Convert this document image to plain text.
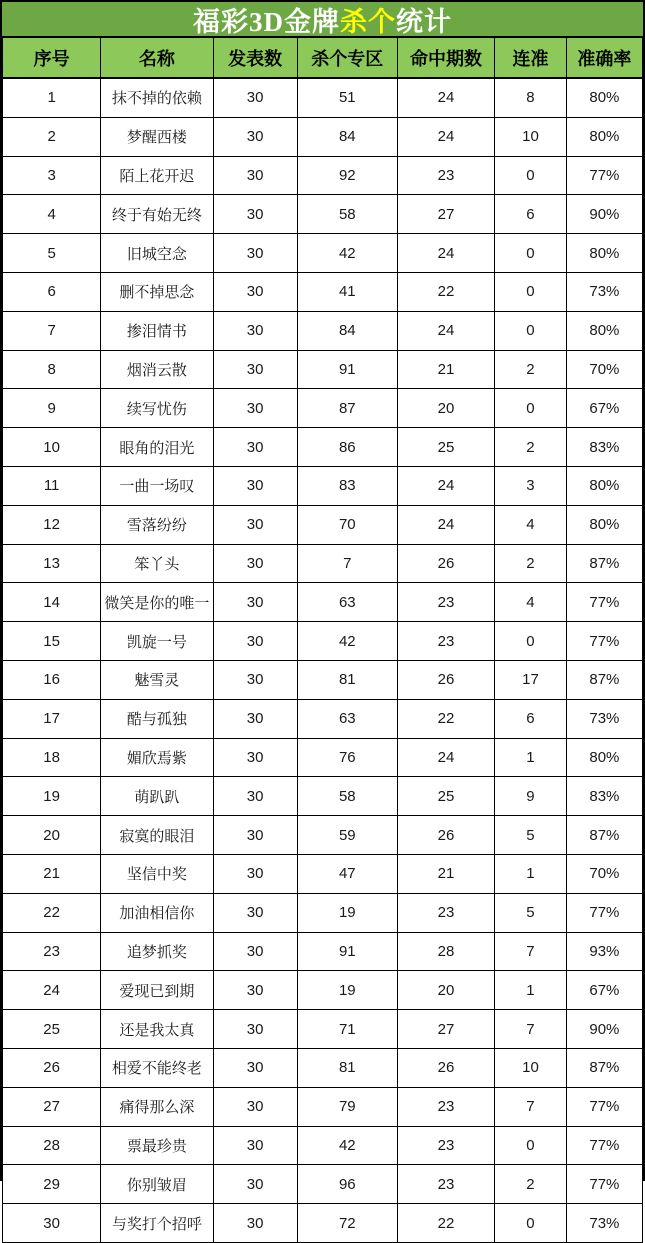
福彩3D金牌 杀个 统计
序号	名称	发表数	杀个专区	命中期数	连准	准确率
1	抹不掉的依赖	30	51	24	8	80%
2	梦醒西楼	30	84	24	10	80%
3	陌上花开迟	30	92	23	0	77%
4	终于有始无终	30	58	27	6	90%
5	旧城空念	30	42	24	0	80%
6	删不掉思念	30	41	22	0	73%
7	掺泪情书	30	84	24	0	80%
8	烟消云散	30	91	21	2	70%
9	续写忧伤	30	87	20	0	67%
10	眼角的泪光	30	86	25	2	83%
11	一曲一场叹	30	83	24	3	80%
12	雪落纷纷	30	70	24	4	80%
13	笨丫头	30	7	26	2	87%
14	微笑是你的唯一	30	63	23	4	77%
15	凯旋一号	30	42	23	0	77%
16	魅雪灵	30	81	26	17	87%
17	酷与孤独	30	63	22	6	73%
18	媚欣焉紫	30	76	24	1	80%
19	萌趴趴	30	58	25	9	83%
20	寂寞的眼泪	30	59	26	5	87%
21	坚信中奖	30	47	21	1	70%
22	加油相信你	30	19	23	5	77%
23	追梦抓奖	30	91	28	7	93%
24	爱现已到期	30	19	20	1	67%
25	还是我太真	30	71	27	7	90%
26	相爱不能终老	30	81	26	10	87%
27	痛得那么深	30	79	23	7	77%
28	票最珍贵	30	42	23	0	77%
29	你别皱眉	30	96	23	2	77%
30	与奖打个招呼	30	72	22	0	73%
